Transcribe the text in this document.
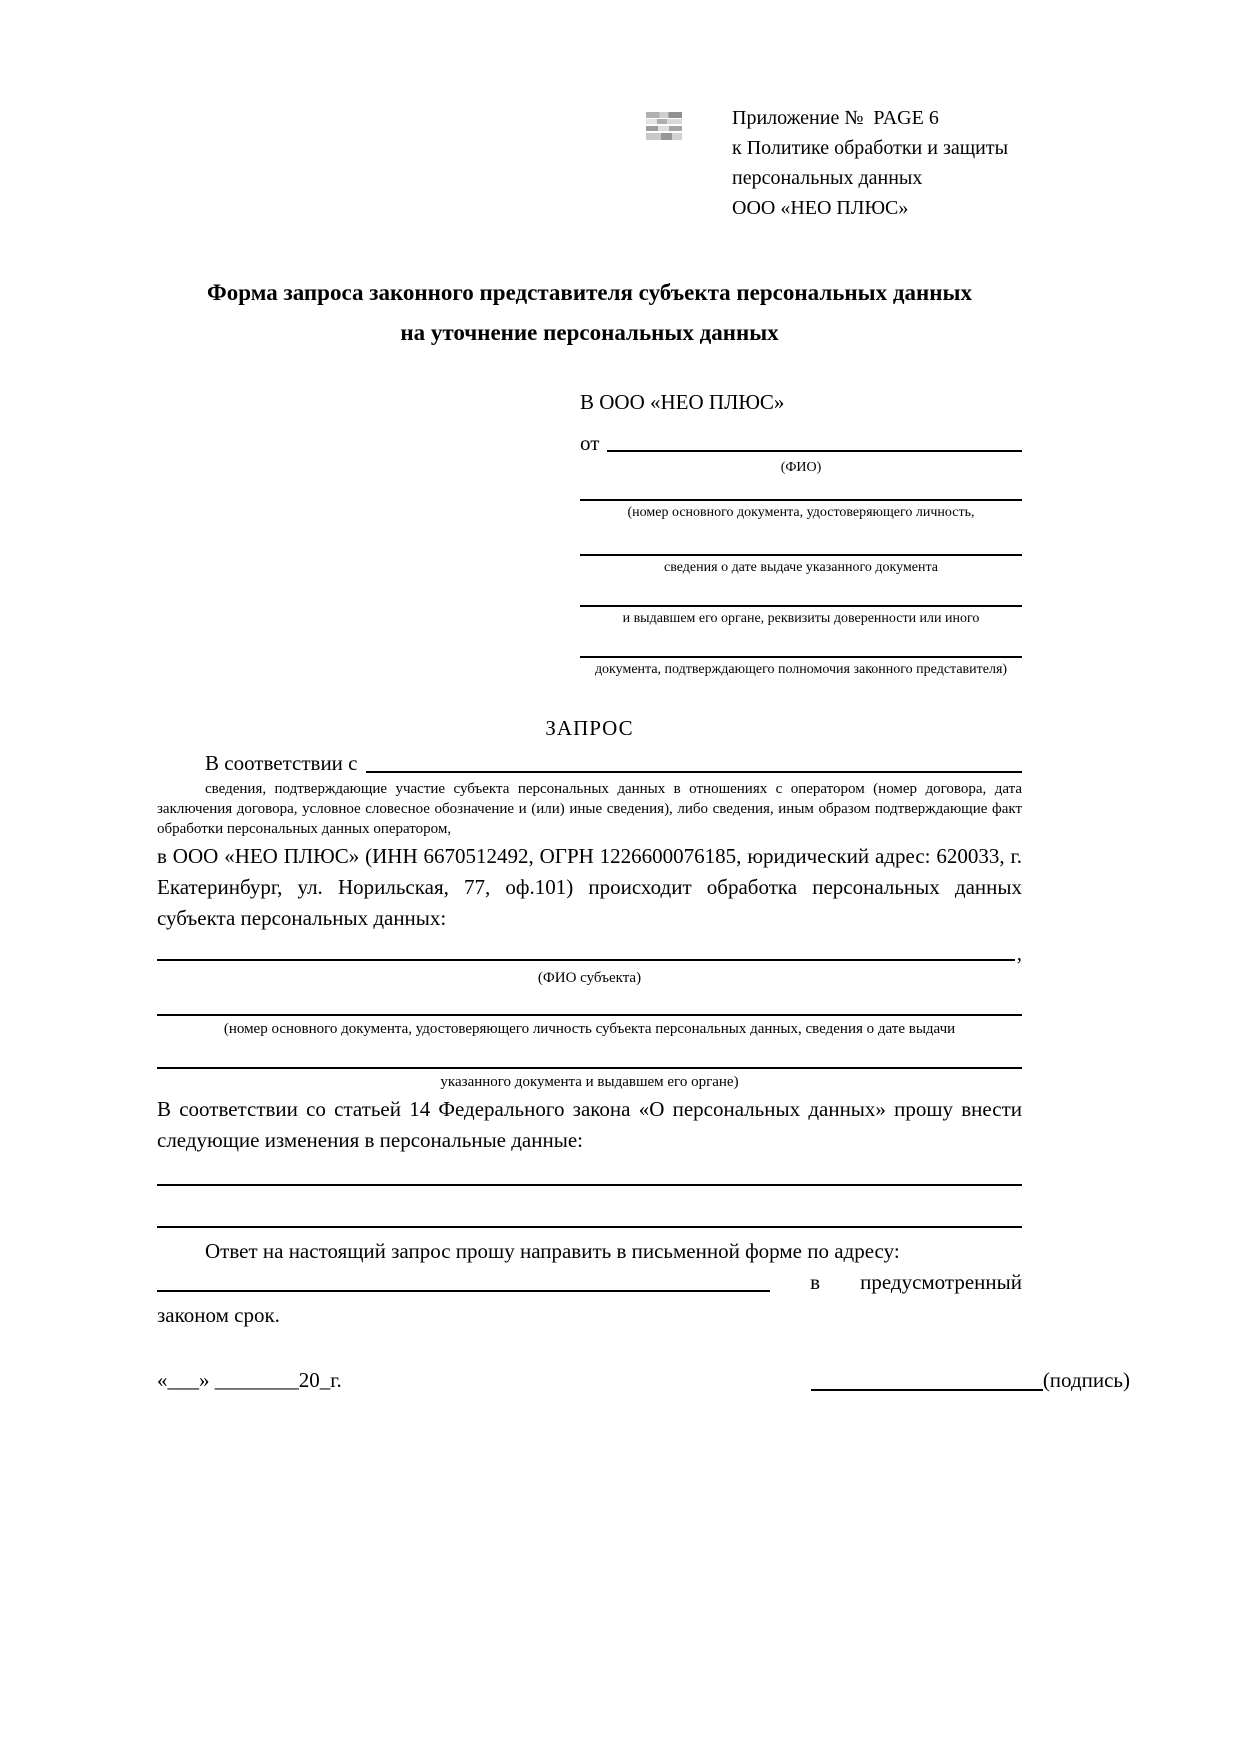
Приложение №  PAGE 6
к Политике обработки и защиты
персональных данных
ООО «НЕО ПЛЮС»
Форма запроса законного представителя субъекта персональных данных
на уточнение персональных данных
В ООО «НЕО ПЛЮС»
от
(ФИО)
(номер основного документа, удостоверяющего личность,
сведения о дате выдаче указанного документа
и выдавшем его органе, реквизиты доверенности или иного
документа, подтверждающего полномочия законного представителя)
ЗАПРОС
В соответствии с

сведения, подтверждающие участие субъекта персональных данных в отношениях с оператором (номер договора, дата заключения договора, условное словесное обозначение и (или) иные сведения), либо сведения, иным образом подтверждающие факт обработки персональных данных оператором,

в ООО «НЕО ПЛЮС» (ИНН 6670512492, ОГРН 1226600076185, юридический адрес: 620033, г. Екатеринбург, ул. Норильская, 77, оф.101) происходит обработка персональных данных субъекта персональных данных:

,
(ФИО субъекта)
(номер основного документа, удостоверяющего личность субъекта персональных данных, сведения о дате выдачи
указанного документа и выдавшем его органе)

В соответствии со статьей 14 Федерального закона «О персональных данных» прошу внести следующие изменения в персональные данные:

Ответ на настоящий запрос прошу направить в письменной форме по адресу:

в предусмотренный

законом срок.

«___» ________20_г.	(подпись)
